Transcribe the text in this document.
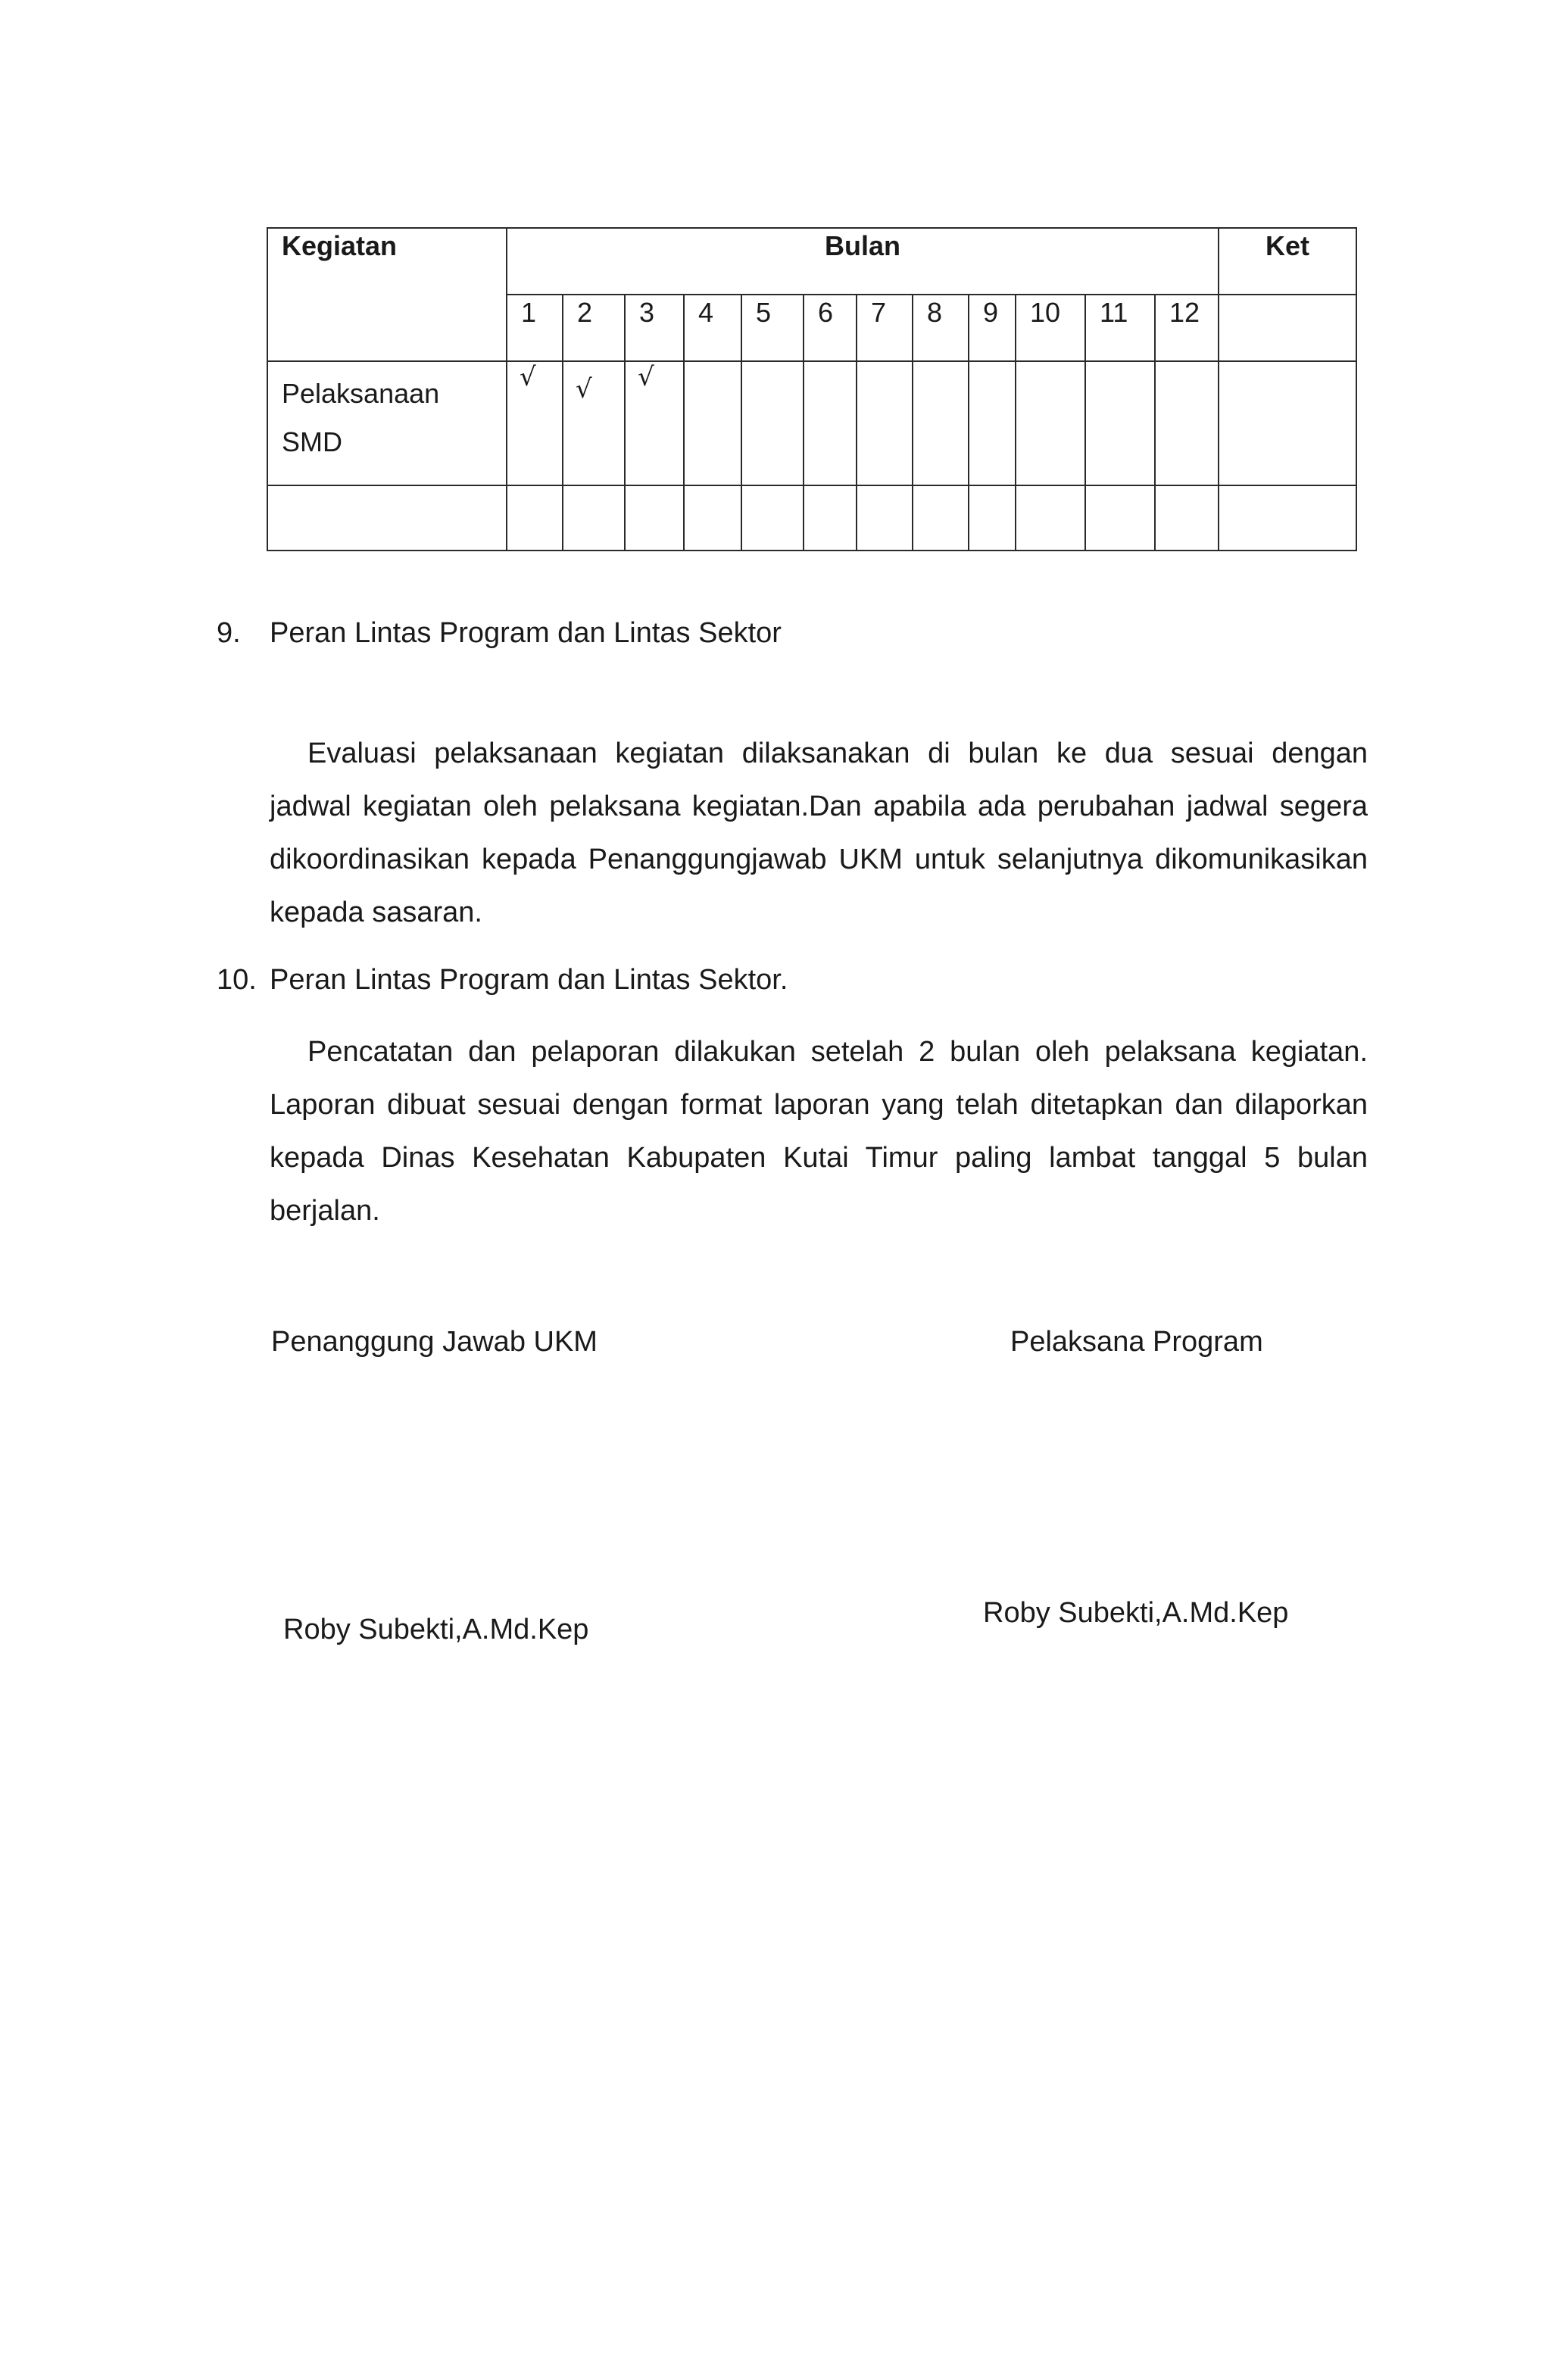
Kegiatan	Bulan												Ket
	1	2	3	4	5	6	7	8	9	10	11	12	
Pelaksanaan
SMD	√	√	√										

9. Peran Lintas Program dan Lintas Sektor

Evaluasi pelaksanaan kegiatan dilaksanakan di bulan ke dua sesuai dengan jadwal kegiatan oleh pelaksana kegiatan.Dan apabila ada perubahan jadwal segera dikoordinasikan kepada Penanggungjawab UKM untuk selanjutnya dikomunikasikan kepada sasaran.

10. Peran Lintas Program dan Lintas Sektor.

Pencatatan dan pelaporan dilakukan setelah 2 bulan oleh pelaksana kegiatan. Laporan dibuat sesuai dengan format laporan yang telah ditetapkan dan dilaporkan kepada Dinas Kesehatan Kabupaten Kutai Timur paling lambat tanggal 5 bulan berjalan.

Penanggung Jawab UKM	Pelaksana Program
Roby Subekti,A.Md.Kep
Roby Subekti,A.Md.Kep
